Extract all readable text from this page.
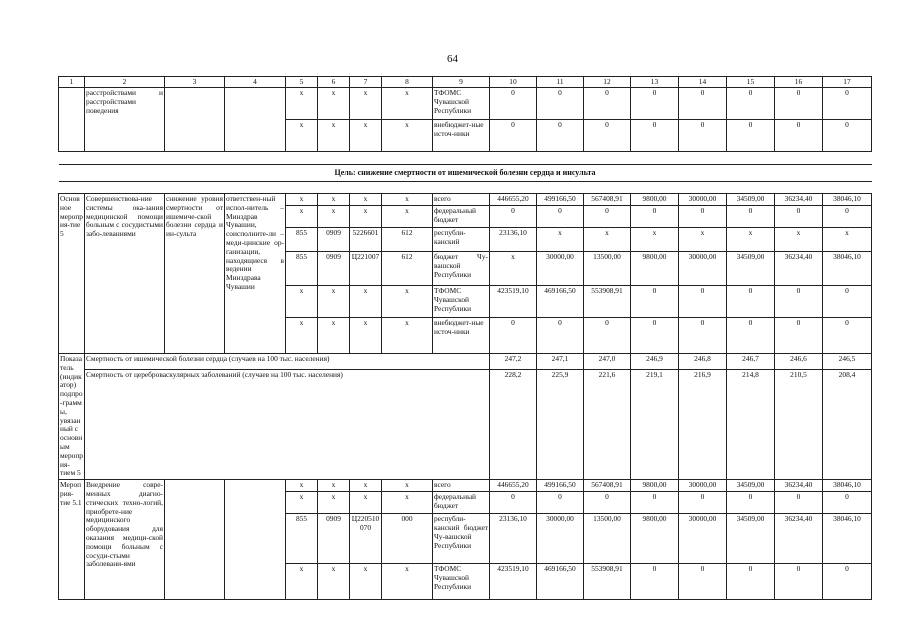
64
1	2	3	4	5	6	7	8	9	10	11	12	13	14	15	16	17
	расстройствами и расстройствами поведения			х	х	х	х	ТФОМС Чувашской Республики	0	0	0	0	0	0	0	0
				х	х	х	х	внебюджет-ные источ-ники	0	0	0	0	0	0	0	0

Цель: снижение смертности от ишемической болезни сердца и инсульта																

Основное мероприя-тие 5	Совершенствова-ние системы ока-зания медицинской помощи больным с сосудистыми забо-леваниями	снижение уровня смертности от ишемиче-ской болезни сердца и ин-сульта	ответствен-ный испол-нитель – Минздрав Чувашии, соисполните-ли – меди-цинские ор-ганизации, находящиеся в ведении Минздрава Чувашии	х	х	х	х	всего	446655,20	499166,50	567408,91	9800,00	30000,00	34509,00	36234,40	38046,10
				х	х	х	х	федеральный бюджет	0	0	0	0	0	0	0	0
				855	0909	5226601	612	республи-канский	23136,10	х	х	х	х	х	х	х
				855	0909	Ц221007	612	бюджет Чу-вашской Республики	х	30000,00	13500,00	9800,00	30000,00	34509,00	36234,40	38046,10
				х	х	х	х	ТФОМС Чувашской Республики	423519,10	469166,50	553908,91	0	0	0	0	0
				х	х	х	х	внебюджет-ные источ-ники	0	0	0	0	0	0	0	0
Показатель (индикатор) подпро-граммы, увязанный с основным мероприя-тием 5	Смертность от ишемической болезни сердца (случаев на 100 тыс. населения)								247,2	247,1	247,0	246,9	246,8	246,7	246,6	246,5
	Смертность от цереброваскулярных заболеваний (случаев на 100 тыс. населения)								228,2	225,9	221,6	219,1	216,9	214,8	210,5	208,4
Мероприя-тие 5.1	Внедрение совре-менных диагно-стических техно-логий, приобрете-ние медицинского оборудования для оказания медици-ской помощи больным с сосуди-стыми заболевани-ями			х	х	х	х	всего	446655,20	499166,50	567408,91	9800,00	30000,00	34509,00	36234,40	38046,10
				х	х	х	х	федеральный бюджет	0	0	0	0	0	0	0	0
				855	0909	Ц220510070	000	республи-канский бюджет Чу-вашской Республики	23136,10	30000,00	13500,00	9800,00	30000,00	34509,00	36234,40	38046,10
				х	х	х	х	ТФОМС Чувашской Республики	423519,10	469166,50	553908,91	0	0	0	0	0
